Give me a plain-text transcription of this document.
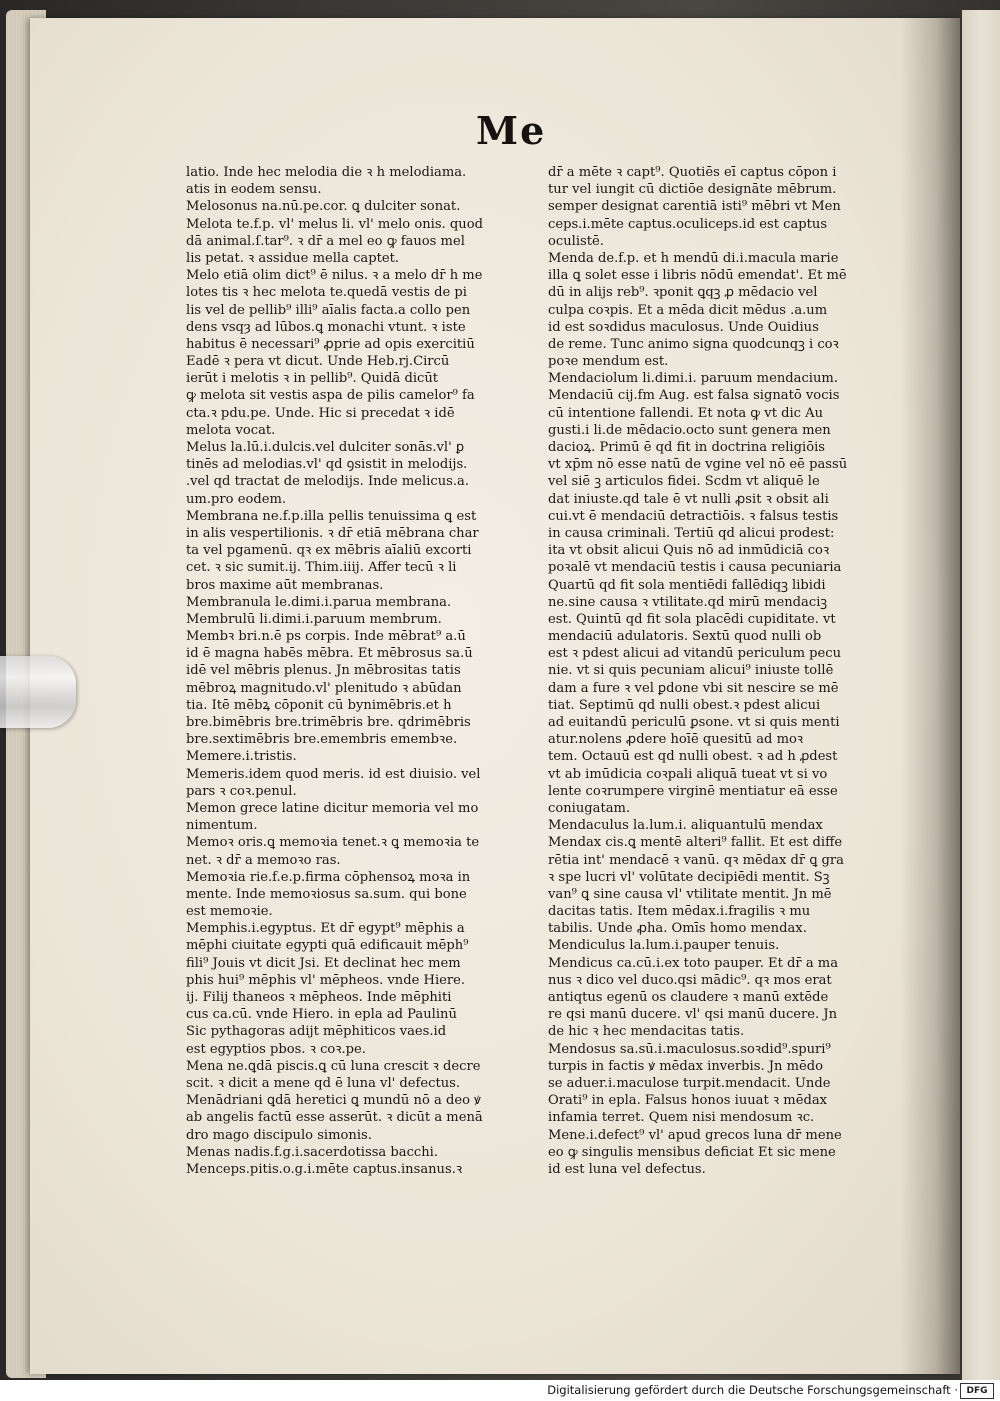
Me
latio. Inde hec melodia die ꝛ h melodiama.
atis in eodem sensu.
Melosonus na.nū.pe.cor. ꝗ dulciter sonat.
Melota te.f.p. vl' melus li. vl' melo onis. quod
dā animal.ſ.tar⁹. ꝛ dr̄ a mel eo ꝙ fauos mel
lis petat. ꝛ assidue mella captet.
Melo etiā olim dict⁹ ē nilus. ꝛ a melo dr̄ h me
lotes tis ꝛ hec melota te.quedā vestis de pi
lis vel de pellib⁹ illi⁹ aīalis facta.a collo pen
dens vsqȝ ad lūbos.ꝗ monachi vtunt. ꝛ iste
habitus ē necessari⁹ ꝓprie ad opis exercitiū
Eadē ꝛ pera vt dicut. Unde Heb.rj.Circū
ierūt i melotis ꝛ in pellib⁹. Quidā dicūt
ꝙ melota sit vestis aspa de pilis camelor⁹ fa
cta.ꝛ pdu.pe. Unde. Hic si precedat ꝛ idē
melota vocat.
Melus la.lū.i.dulcis.vel dulciter sonās.vl' ꝑ
tinēs ad melodias.vl' qd̄ ꝯsistit in melodijs.
.vel qd̄ tractat de melodijs. Inde melicus.a.
um.pro eodem.
Membrana ne.f.p.illa pellis tenuissima ꝗ est
in alis vespertilionis. ꝛ dr̄ etiā mēbrana char
ta vel pgamenū. qꝛ ex mēbris aīaliū excorti
cet. ꝛ sic sumit.ij. Thim.iiij. Affer tecū ꝛ li
bros maxime aūt membranas.
Membranula le.dimi.i.parua membrana.
Membrulū li.dimi.i.paruum membrum.
Membꝛ bri.n.ē ps corpis. Inde mēbrat⁹ a.ū
id ē magna habēs mēbra. Et mēbrosus sa.ū
idē vel mēbris plenus. Jn mēbrositas tatis
mēbroꝝ magnitudo.vl' plenitudo ꝛ abūdan
tia. Itē mēbꝝ cōponit cū bynimēbris.et h
bre.bimēbris bre.trimēbris bre. qdrimēbris
bre.sextimēbris bre.emembris emembꝛe.
Memere.i.tristis.
Memeris.idem quod meris. id est diuisio. vel
pars ꝛ coꝛ.penul.
Memon grece latine dicitur memoria vel mo
nimentum.
Memoꝛ oris.ꝗ memoꝛia tenet.ꝛ ꝗ memoꝛia te
net. ꝛ dr̄ a memoꝛo ras.
Memoꝛia rie.f.e.p.firma cōphensoꝝ moꝛa in
mente. Inde memoꝛiosus sa.sum. qui bone
est memoꝛie.
Memphis.i.egyptus. Et dr̄ egypt⁹ mēphis a
mēphi ciuitate egypti quā edificauit mēph⁹
fili⁹ Jouis vt dicit Jsi. Et declinat hec mem
phis hui⁹ mēphis vl' mēpheos. vnde Hiere.
ij. Filij thaneos ꝛ mēpheos. Inde mēphiti
cus ca.cū. vnde Hiero. in epla ad Paulinū
Sic pythagoras adijt mēphiticos vaes.id
est egyptios pbos. ꝛ coꝛ.pe.
Mena ne.ꝗdā piscis.ꝗ cū luna crescit ꝛ decre
scit. ꝛ dicit a mene qd̄ ē luna vl' defectus.
Menādriani ꝗdā heretici ꝗ mundū nō a deo ꝟ
ab angelis factū esse asserūt. ꝛ dicūt a menā
dro mago discipulo simonis.
Menas nadis.f.g.i.sacerdotissa bacchi.
Menceps.pitis.o.g.i.mēte captus.insanus.ꝛ
dr̄ a mēte ꝛ capt⁹. Quotiēs eī captus cōpon i
tur vel iungit cū dictiōe designāte mēbrum.
semper designat carentiā isti⁹ mēbri vt Men
ceps.i.mēte captus.oculiceps.id est captus
oculistē.
Menda de.f.p. et h mendū di.i.macula marie
illa ꝗ solet esse i libris nōdū emendat'. Et mē
dū in alijs reb⁹. ꝛponit ꝗqꝫ ꝓ mēdacio vel
culpa coꝛpis. Et a mēda dicit mēdus .a.um
id est soꝛdidus maculosus. Unde Ouidius
de reme. Tunc animo signa quodcunqꝫ i coꝛ
poꝛe mendum est.
Mendaciolum li.dimi.i. paruum mendacium.
Mendaciū cij.fm Aug. est falsa signatō vocis
cū intentione fallendi. Et nota ꝙ vt dic Au
gusti.i li.de mēdacio.octo sunt genera men
dacioꝝ. Primū ē qd̄ fit in doctrina religiōis
vt xp̄m nō esse natū de vgine vel nō eē passū
vel siē ꝫ articulos fidei. Scd̄m vt aliquē le
dat iniuste.qd̄ tale ē vt nulli ꝓsit ꝛ obsit ali
cui.vt ē mendaciū detractiōis. ꝛ falsus testis
in causa criminali. Tertiū qd̄ alicui prodest:
ita vt obsit alicui Quis nō ad inmūdiciā coꝛ
poꝛalē vt mendaciū testis i causa pecuniaria
Quartū qd̄ fit sola mentiēdi fallēdiqꝫ libidi
ne.sine causa ꝛ vtilitate.qd̄ mirū mendaciꝫ
est. Quintū qd̄ fit sola placēdi cupiditate. vt
mendaciū adulatoris. Sextū quod nulli ob
est ꝛ pdest alicui ad vitandū periculum pecu
nie. vt si quis pecuniam alicui⁹ iniuste tollē
dam a fure ꝛ vel ꝑdone vbi sit nescire se mē
tiat. Septimū qd̄ nulli obest.ꝛ pdest alicui
ad euitandū periculū ꝑsone. vt si quis menti
atur.nolens ꝓdere hoīē quesitū ad moꝛ
tem. Octauū est qd̄ nulli obest. ꝛ ad h ꝓdest
vt ab imūdicia coꝛpali aliquā tueat vt si vo
lente coꝛrumpere virginē mentiatur eā esse
coniugatam.
Mendaculus la.lum.i. aliquantulū mendax
Mendax cis.ꝗ mentē alteri⁹ fallit. Et est diffe
rētia int' mendacē ꝛ vanū. qꝛ mēdax dr̄ ꝗ gra
ꝛ spe lucri vl' volūtate decipiēdi mentit. Sꝫ
van⁹ ꝗ sine causa vl' vtilitate mentit. Jn mē
dacitas tatis. Item mēdax.i.fragilis ꝛ mu
tabilis. Unde ꝓha. Omīs homo mendax.
Mendiculus la.lum.i.pauper tenuis.
Mendicus ca.cū.i.ex toto pauper. Et dr̄ a ma
nus ꝛ dico vel duco.qsi mādic⁹. qꝛ mos erat
antiqtus egenū os claudere ꝛ manū extēde
re qsi manū ducere. vl' qsi manū ducere. Jn
de hic ꝛ hec mendacitas tatis.
Mendosus sa.sū.i.maculosus.soꝛdid⁹.spuri⁹
turpis in factis ꝟ mēdax inverbis. Jn mēdo
se aduer.i.maculose turpit.mendacit. Unde
Orati⁹ in epla. Falsus honos iuuat ꝛ mēdax
infamia terret. Quem nisi mendosum ꝛc.
Mene.i.defect⁹ vl' apud grecos luna dr̄ mene
eo ꝙ singulis mensibus deficiat Et sic mene
id est luna vel defectus.
Digitalisierung gefördert durch die Deutsche Forschungsgemeinschaft · DFG
